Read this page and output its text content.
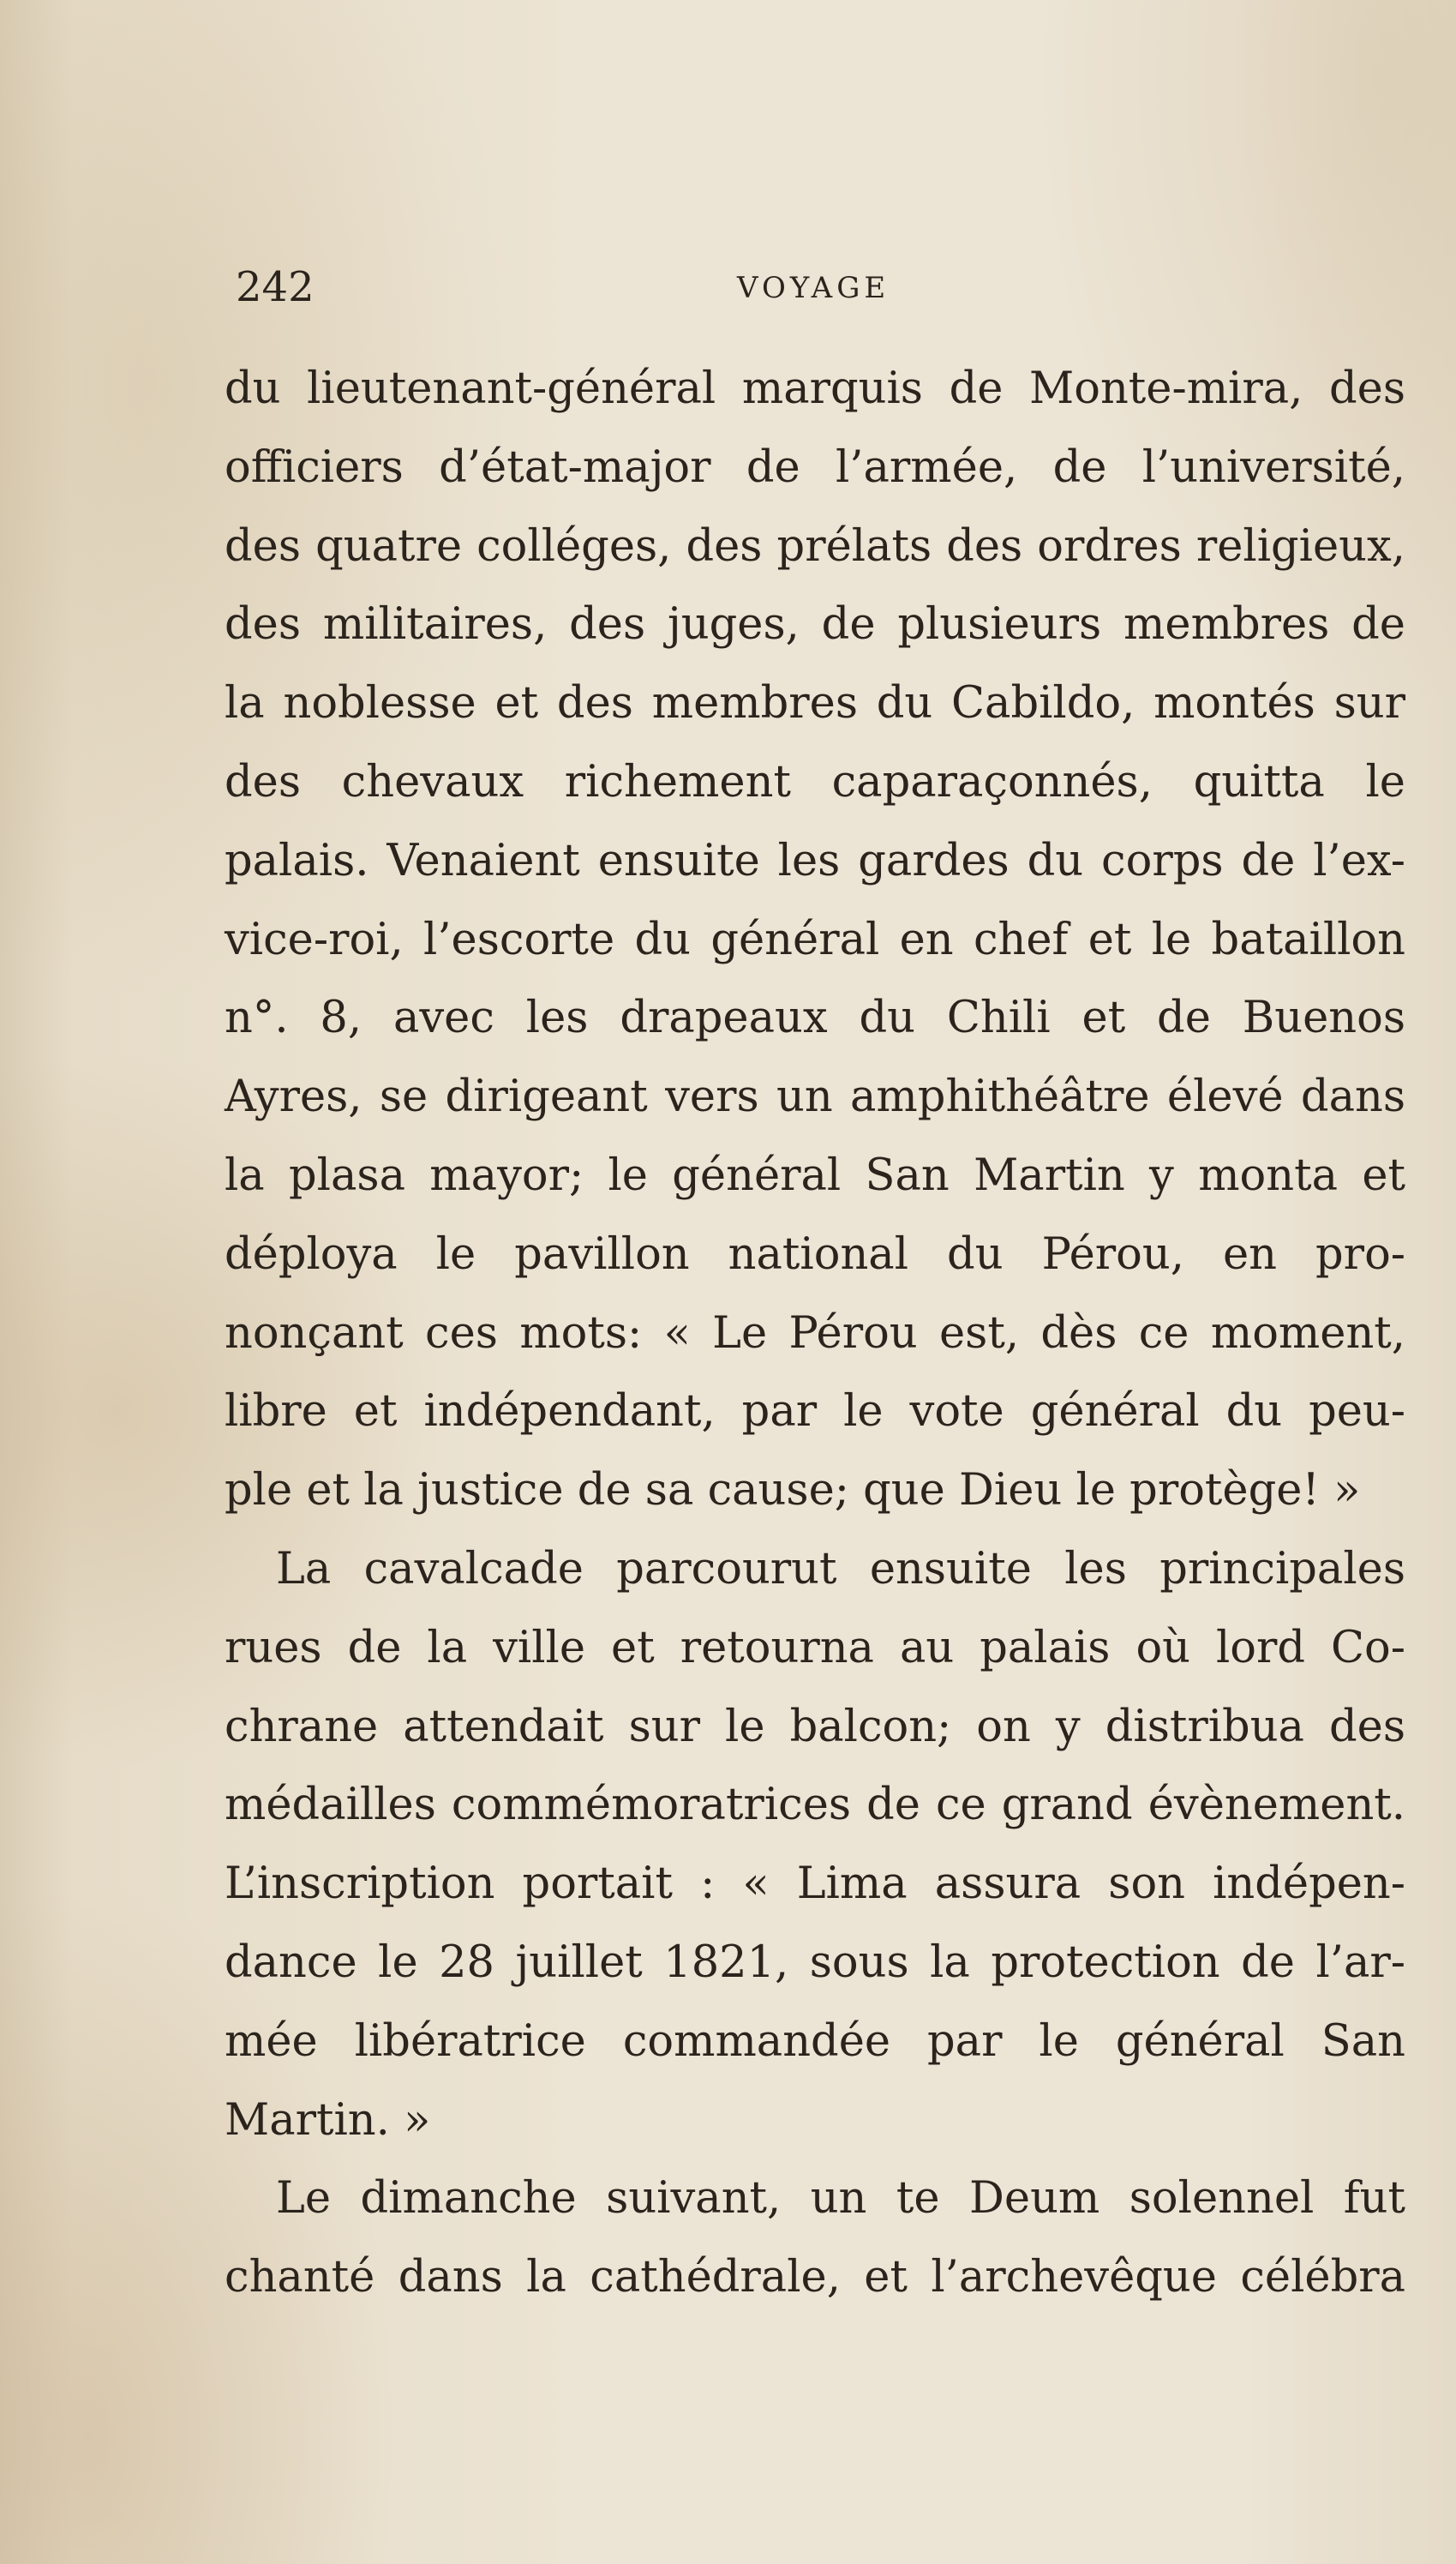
242	VOYAGE
du lieutenant-général marquis de Monte-mira, des
officiers d’état-major de l’armée, de l’université,
des quatre colléges, des prélats des ordres religieux,
des militaires, des juges, de plusieurs membres de
la noblesse et des membres du Cabildo, montés sur
des chevaux richement caparaçonnés, quitta le
palais. Venaient ensuite les gardes du corps de l’ex-
vice-roi, l’escorte du général en chef et le bataillon
n°. 8, avec les drapeaux du Chili et de Buenos
Ayres, se dirigeant vers un amphithéâtre élevé dans
la plasa mayor; le général San Martin y monta et
déploya le pavillon national du Pérou, en pro-
nonçant ces mots: « Le Pérou est, dès ce moment,
libre et indépendant, par le vote général du peu-
ple et la justice de sa cause; que Dieu le protège! »
La cavalcade parcourut ensuite les principales
rues de la ville et retourna au palais où lord Co-
chrane attendait sur le balcon; on y distribua des
médailles commémoratrices de ce grand évènement.
L’inscription portait : « Lima assura son indépen-
dance le 28 juillet 1821, sous la protection de l’ar-
mée libératrice commandée par le général San
Martin. »
Le dimanche suivant, un te Deum solennel fut
chanté dans la cathédrale, et l’archevêque célébra
